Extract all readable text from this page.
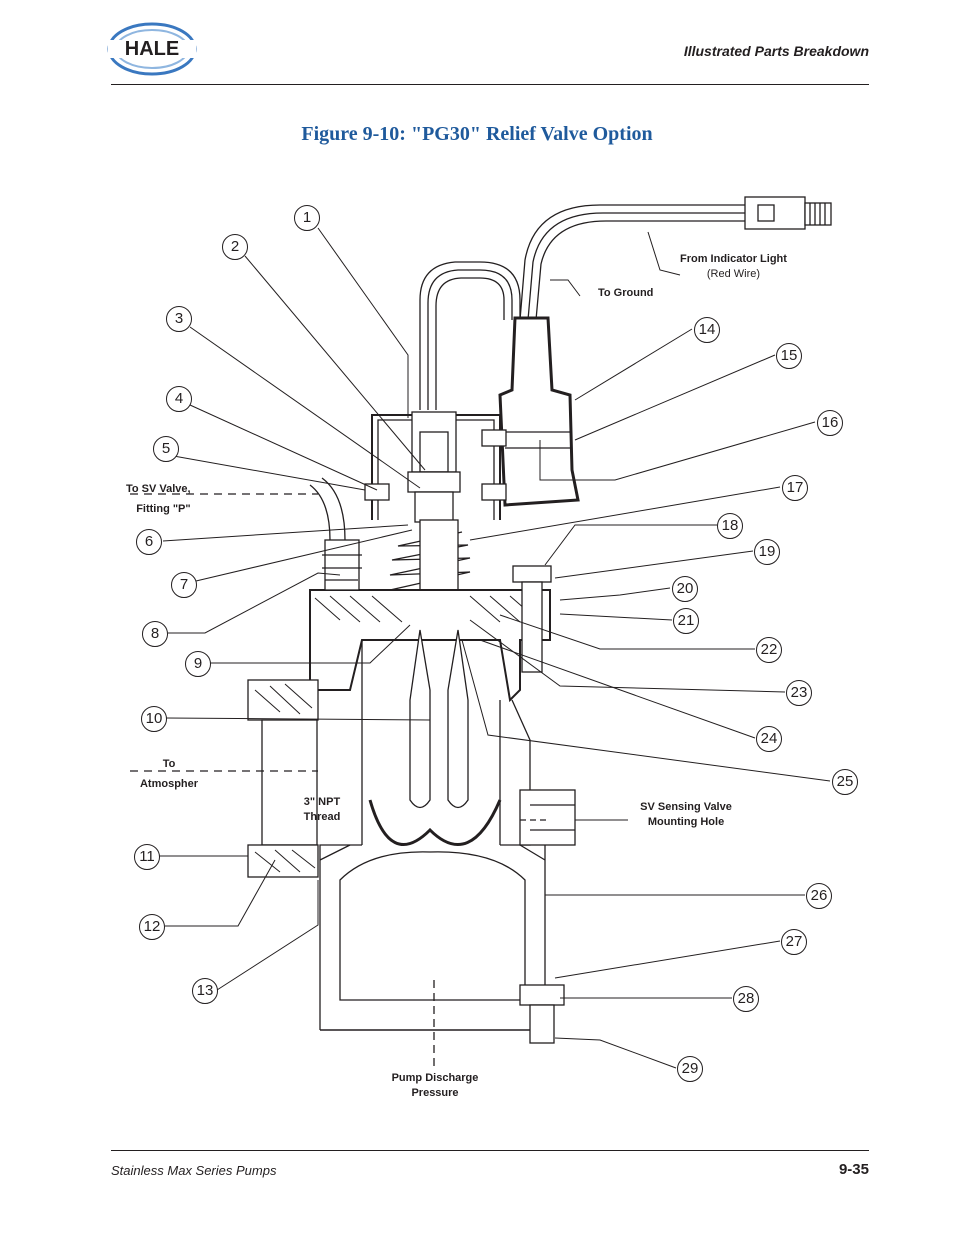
HALE	Illustrated Parts Breakdown
Figure 9-10: "PG30" Relief Valve Option
1
2
3
4
5
6
7
8
9
10
11
12
13
14
15
16
17
18
19
20
21
22
23
24
25
26
27
28
29
From Indicator Light
(Red Wire)
To Ground
To SV Valve,
Fitting "P"
To
Atmospher
3" NPT
Thread
SV Sensing Valve
Mounting Hole
Pump Discharge
Pressure
Stainless Max Series Pumps	9-35
